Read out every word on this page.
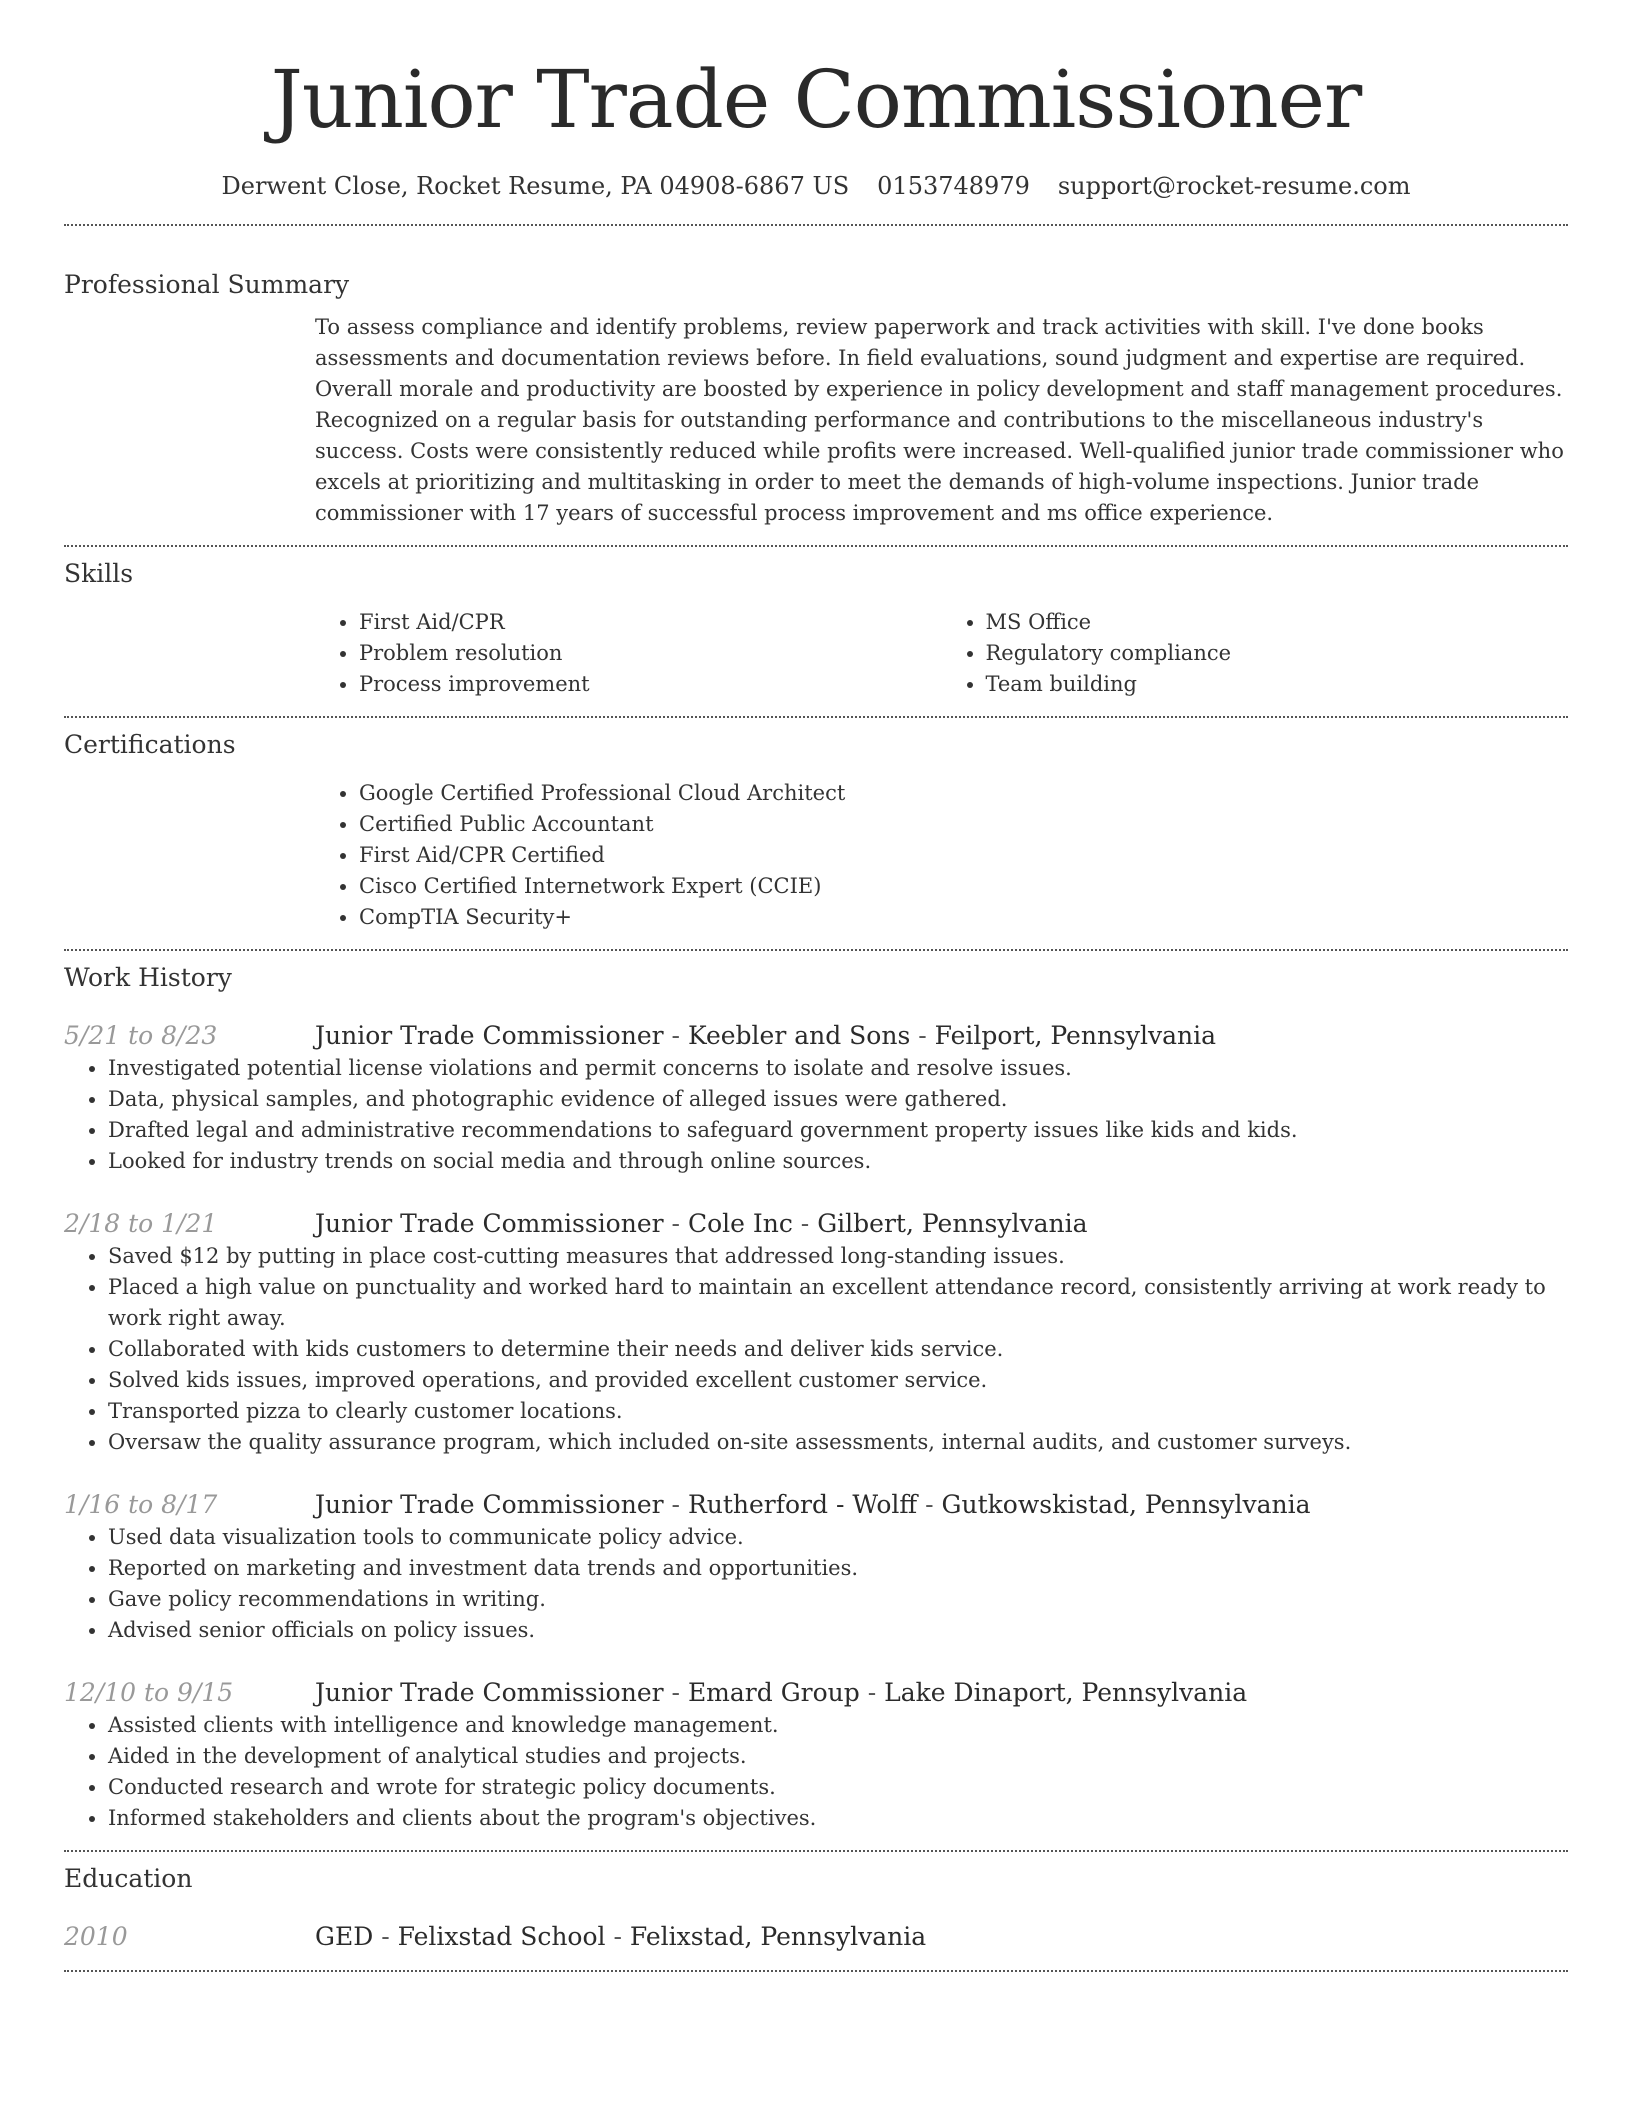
Junior Trade Commissioner
Derwent Close, Rocket Resume, PA 04908-6867 US 0153748979 support@rocket-resume.com
Professional Summary

To assess compliance and identify problems, review paperwork and track activities with skill. I've done books assessments and documentation reviews before. In field evaluations, sound judgment and expertise are required. Overall morale and productivity are boosted by experience in policy development and staff management procedures. Recognized on a regular basis for outstanding performance and contributions to the miscellaneous industry's success. Costs were consistently reduced while profits were increased. Well-qualified junior trade commissioner who excels at prioritizing and multitasking in order to meet the demands of high-volume inspections. Junior trade commissioner with 17 years of successful process improvement and ms office experience.

Skills
• First Aid/CPR
• Problem resolution
• Process improvement
• MS Office
• Regulatory compliance
• Team building
Certifications
• Google Certified Professional Cloud Architect
• Certified Public Accountant
• First Aid/CPR Certified
• Cisco Certified Internetwork Expert (CCIE)
• CompTIA Security+
Work History
5/21 to 8/23	Junior Trade Commissioner - Keebler and Sons - Feilport, Pennsylvania
• Investigated potential license violations and permit concerns to isolate and resolve issues.
• Data, physical samples, and photographic evidence of alleged issues were gathered.
• Drafted legal and administrative recommendations to safeguard government property issues like kids and kids.
• Looked for industry trends on social media and through online sources.
2/18 to 1/21	Junior Trade Commissioner - Cole Inc - Gilbert, Pennsylvania
• Saved $12 by putting in place cost-cutting measures that addressed long-standing issues.
• Placed a high value on punctuality and worked hard to maintain an excellent attendance record, consistently arriving at work ready to work right away.
• Collaborated with kids customers to determine their needs and deliver kids service.
• Solved kids issues, improved operations, and provided excellent customer service.
• Transported pizza to clearly customer locations.
• Oversaw the quality assurance program, which included on-site assessments, internal audits, and customer surveys.
1/16 to 8/17	Junior Trade Commissioner - Rutherford - Wolff - Gutkowskistad, Pennsylvania
• Used data visualization tools to communicate policy advice.
• Reported on marketing and investment data trends and opportunities.
• Gave policy recommendations in writing.
• Advised senior officials on policy issues.
12/10 to 9/15	Junior Trade Commissioner - Emard Group - Lake Dinaport, Pennsylvania
• Assisted clients with intelligence and knowledge management.
• Aided in the development of analytical studies and projects.
• Conducted research and wrote for strategic policy documents.
• Informed stakeholders and clients about the program's objectives.
Education
2010	GED - Felixstad School - Felixstad, Pennsylvania
